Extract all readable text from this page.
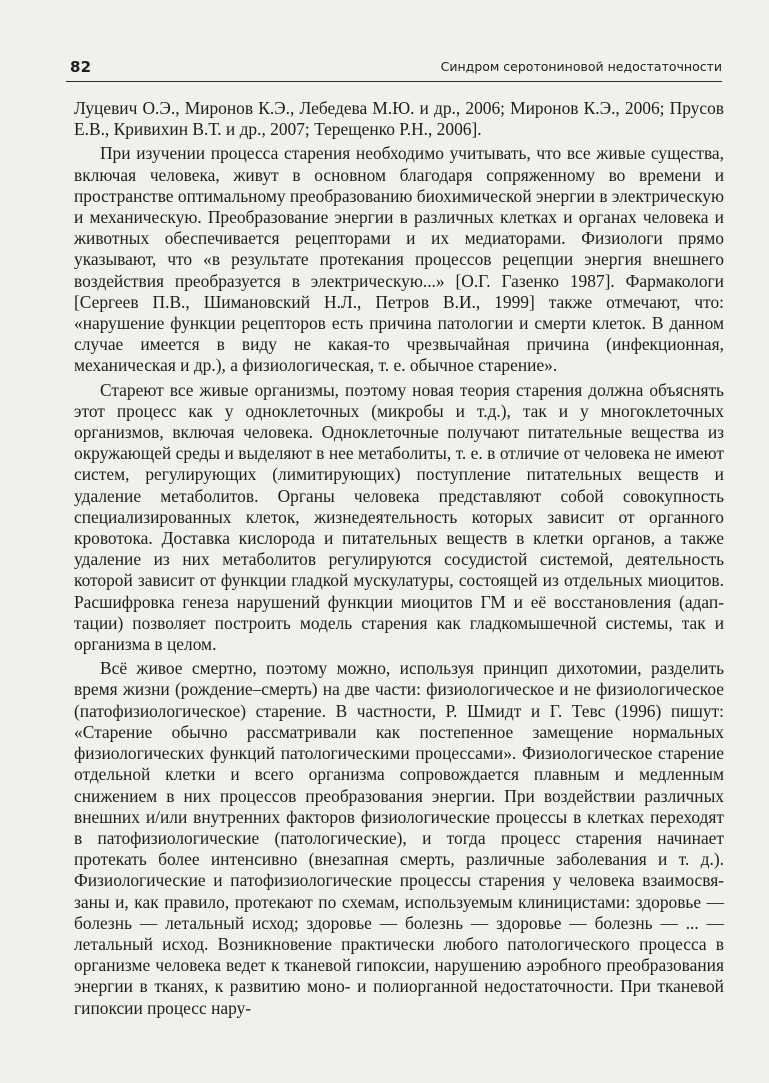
82	Синдром серотониновой недостаточности

Луцевич О.Э., Миронов К.Э., Лебедева М.Ю. и др., 2006; Миронов К.Э., 2006; Прусов Е.В., Кривихин В.Т. и др., 2007; Терещенко Р.Н., 2006].

При изучении процесса старения необходимо учитывать, что все живые существа, включая человека, живут в основном благодаря сопряженному во времени и пространстве оптимальному преобразованию биохимической энергии в электрическую и механическую. Преобразование энергии в различных клетках и органах человека и животных обеспечивается рецепторами и их медиаторами. Физиологи прямо указывают, что «в результате протекания процессов рецепции энергия внешнего воздействия преобразуется в электрическую...» [О.Г. Газенко 1987]. Фармакологи [Сергеев П.В., Шимановский Н.Л., Петров В.И., 1999] также отмечают, что: «нарушение функции рецепторов есть причина патологии и смерти клеток. В данном случае имеется в виду не какая-то чрезвычайная причина (инфекционная, механическая и др.), а физиологическая, т. е. обычное старение».

Стареют все живые организмы, поэтому новая теория старения должна объяснять этот процесс как у одноклеточных (микробы и т.д.), так и у многоклеточных организмов, включая человека. Одноклеточные получают питательные вещества из окружающей среды и выделяют в нее метаболиты, т. е. в отличие от человека не имеют систем, регулирующих (лимитирующих) поступление питательных веществ и удаление метаболитов. Органы человека представляют собой совокупность специализированных клеток, жизнедеятельность которых зависит от органного кровотока. Доставка кислорода и питательных веществ в клетки органов, а также удаление из них метаболитов регулируются сосудистой системой, деятельность которой зависит от функции гладкой мускулатуры, состоящей из отдельных миоцитов. Расшифровка генеза нарушений функции миоцитов ГМ и её восстановления (адаптации) позволяет построить модель старения как гладкомышечной системы, так и организма в целом.

Всё живое смертно, поэтому можно, используя принцип дихотомии, разделить время жизни (рождение–смерть) на две части: физиологическое и не физиологическое (патофизиологическое) старение. В частности, Р. Шмидт и Г. Тевс (1996) пишут: «Старение обычно рассматривали как постепенное замещение нормальных физиологических функций патологическими процессами». Физиологическое старение отдельной клетки и всего организма сопровождается плавным и медленным снижением в них процессов преобразования энергии. При воздействии различных внешних и/или внутренних факторов физиологические процессы в клетках переходят в патофизиологические (патологические), и тогда процесс старения начинает протекать более интенсивно (внезапная смерть, различные заболевания и т. д.). Физиологические и патофизиологические процессы старения у человека взаимосвязаны и, как правило, протекают по схемам, используемым клиницистами: здоровье — болезнь — летальный исход; здоровье — болезнь — здоровье — болезнь — ... — летальный исход. Возникновение практически любого патологического процесса в организме человека ведет к тканевой гипоксии, нарушению аэробного преобразования энергии в тканях, к развитию моно- и полиорганной недостаточности. При тканевой гипоксии процесс нару-
